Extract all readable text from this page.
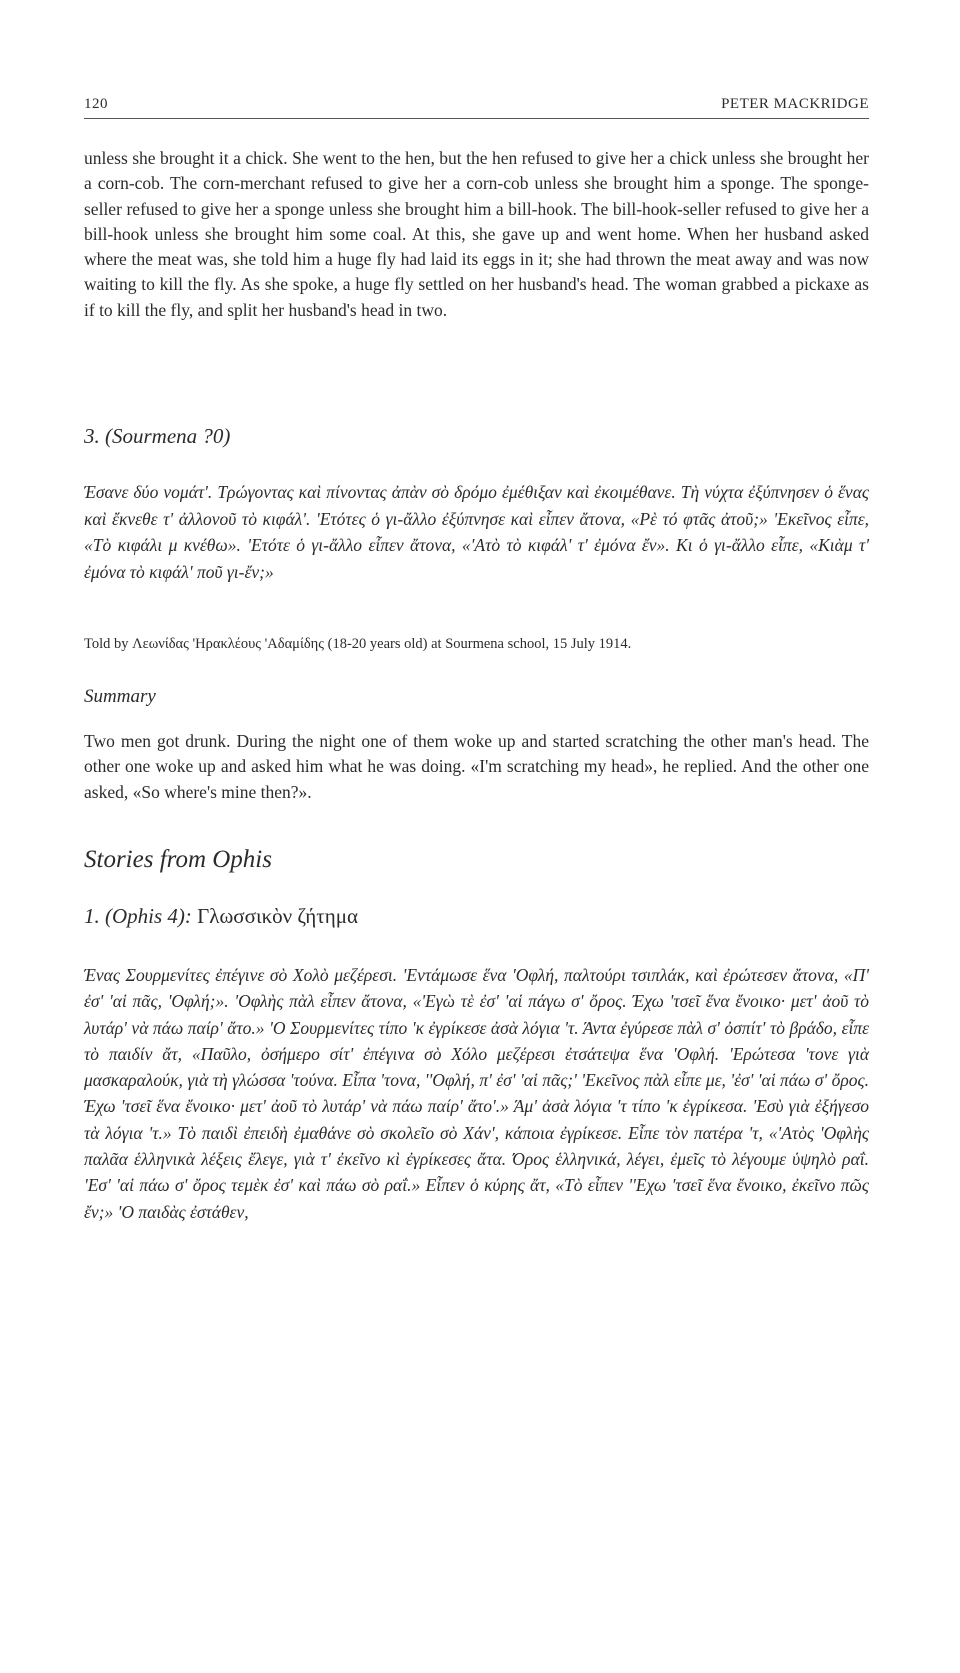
120	PETER MACKRIDGE
unless she brought it a chick. She went to the hen, but the hen refused to give her a chick unless she brought her a corn-cob. The corn-merchant refused to give her a corn-cob unless she brought him a sponge. The sponge-seller refused to give her a sponge unless she brought him a bill-hook. The bill-hook-seller refused to give her a bill-hook unless she brought him some coal. At this, she gave up and went home. When her husband asked where the meat was, she told him a huge fly had laid its eggs in it; she had thrown the meat away and was now waiting to kill the fly. As she spoke, a huge fly settled on her husband's head. The woman grabbed a pickaxe as if to kill the fly, and split her husband's head in two.
3. (Sourmena ?0)
Έσανε δύο νομάτ'. Τρώγοντας καὶ πίνοντας ἀπὰν σὸ δρόμο ἐμέθιξαν καὶ ἐκοιμέθανε. Τὴ νύχτα ἐξύπνησεν ὁ ἕνας καὶ ἔκνεθε τ' ἀλλονοῦ τὸ κιφάλ'. 'Ετότες ὁ γι-ἄλλο ἐξύπνησε καὶ εἶπεν ἄτονα, «Ρὲ τό φτᾶς ἀτοῦ;» 'Εκεῖνος εἶπε, «Τὸ κιφάλι μ κνέθω». 'Ετότε ὁ γι-ἄλλο εἶπεν ἄτονα, «'Ατὸ τὸ κιφάλ' τ' ἐμόνα ἔν». Κι ὁ γι-ἄλλο εἶπε, «Κιὰμ τ' ἐμόνα τὸ κιφάλ' ποῦ γι-ἔν;»
Told by Λεωνίδας 'Ηρακλέους 'Αδαμίδης (18-20 years old) at Sourmena school, 15 July 1914.
Summary
Two men got drunk. During the night one of them woke up and started scratching the other man's head. The other one woke up and asked him what he was doing. «I'm scratching my head», he replied. And the other one asked, «So where's mine then?».
Stories from Ophis
1. (Ophis 4): Γλωσσικὸν ζήτημα
Ένας Σουρμενίτες ἐπέγινε σὸ Χολὸ μεζέρεσι. 'Εντάμωσε ἕνα 'Οφλή, παλτούρι τσιπλάκ, καὶ ἐρώτεσεν ἄτονα, «Π' ἐσ' 'αἱ πᾶς, 'Οφλή;». 'Οφλὴς πὰλ εἶπεν ἄτονα, «'Εγὼ τὲ ἐσ' 'αἱ πάγω σ' ὄρος. Έχω 'τσεῖ ἕνα ἔνοικο· μετ' ἀοῦ τὸ λυτάρ' νὰ πάω παίρ' ἄτο.» 'Ο Σουρμενίτες τίπο 'κ ἐγρίκεσε ἀσὰ λόγια 'τ. Άντα ἐγύρεσε πὰλ σ' ὀσπίτ' τὸ βράδο, εἶπε τὸ παιδίν ἄτ, «Παῦλο, ὀσήμερο σίτ' ἐπέγινα σὸ Χόλο μεζέρεσι ἐτσάτεψα ἕνα 'Οφλή. 'Ερώτεσα 'τονε γιὰ μασκαραλούκ, γιὰ τὴ γλώσσα 'τούνα. Εἶπα 'τονα, ''Οφλή, π' ἐσ' 'αἱ πᾶς;' 'Εκεῖνος πὰλ εἶπε με, 'ἐσ' 'αἱ πάω σ' ὄρος. Έχω 'τσεῖ ἕνα ἔνοικο· μετ' ἀοῦ τὸ λυτάρ' νὰ πάω παίρ' ἄτο'.» Άμ' ἀσὰ λόγια 'τ τίπο 'κ ἐγρίκεσα. 'Εσὺ γιὰ ἐξήγεσο τὰ λόγια 'τ.» Τὸ παιδὶ ἐπειδὴ ἐμαθάνε σὸ σκολεῖο σὸ Χάν', κάποια ἐγρίκεσε. Εἶπε τὸν πατέρα 'τ, «'Ατὸς 'Οφλὴς παλᾶα ἑλληνικὰ λέξεις ἔλεγε, γιὰ τ' ἐκεῖνο κὶ ἐγρίκεσες ἄτα. Όρος ἑλληνικά, λέγει, ἐμεῖς τὸ λέγουμε ὑψηλὸ ραΐ. 'Εσ' 'αἱ πάω σ' ὄρος τεμὲκ ἐσ' καὶ πάω σὸ ραΐ.» Εἶπεν ὁ κύρης ἄτ, «Τὸ εἶπεν ''Εχω 'τσεῖ ἕνα ἔνοικο, ἐκεῖνο πῶς ἔν;» 'Ο παιδὰς ἐστάθεν,
